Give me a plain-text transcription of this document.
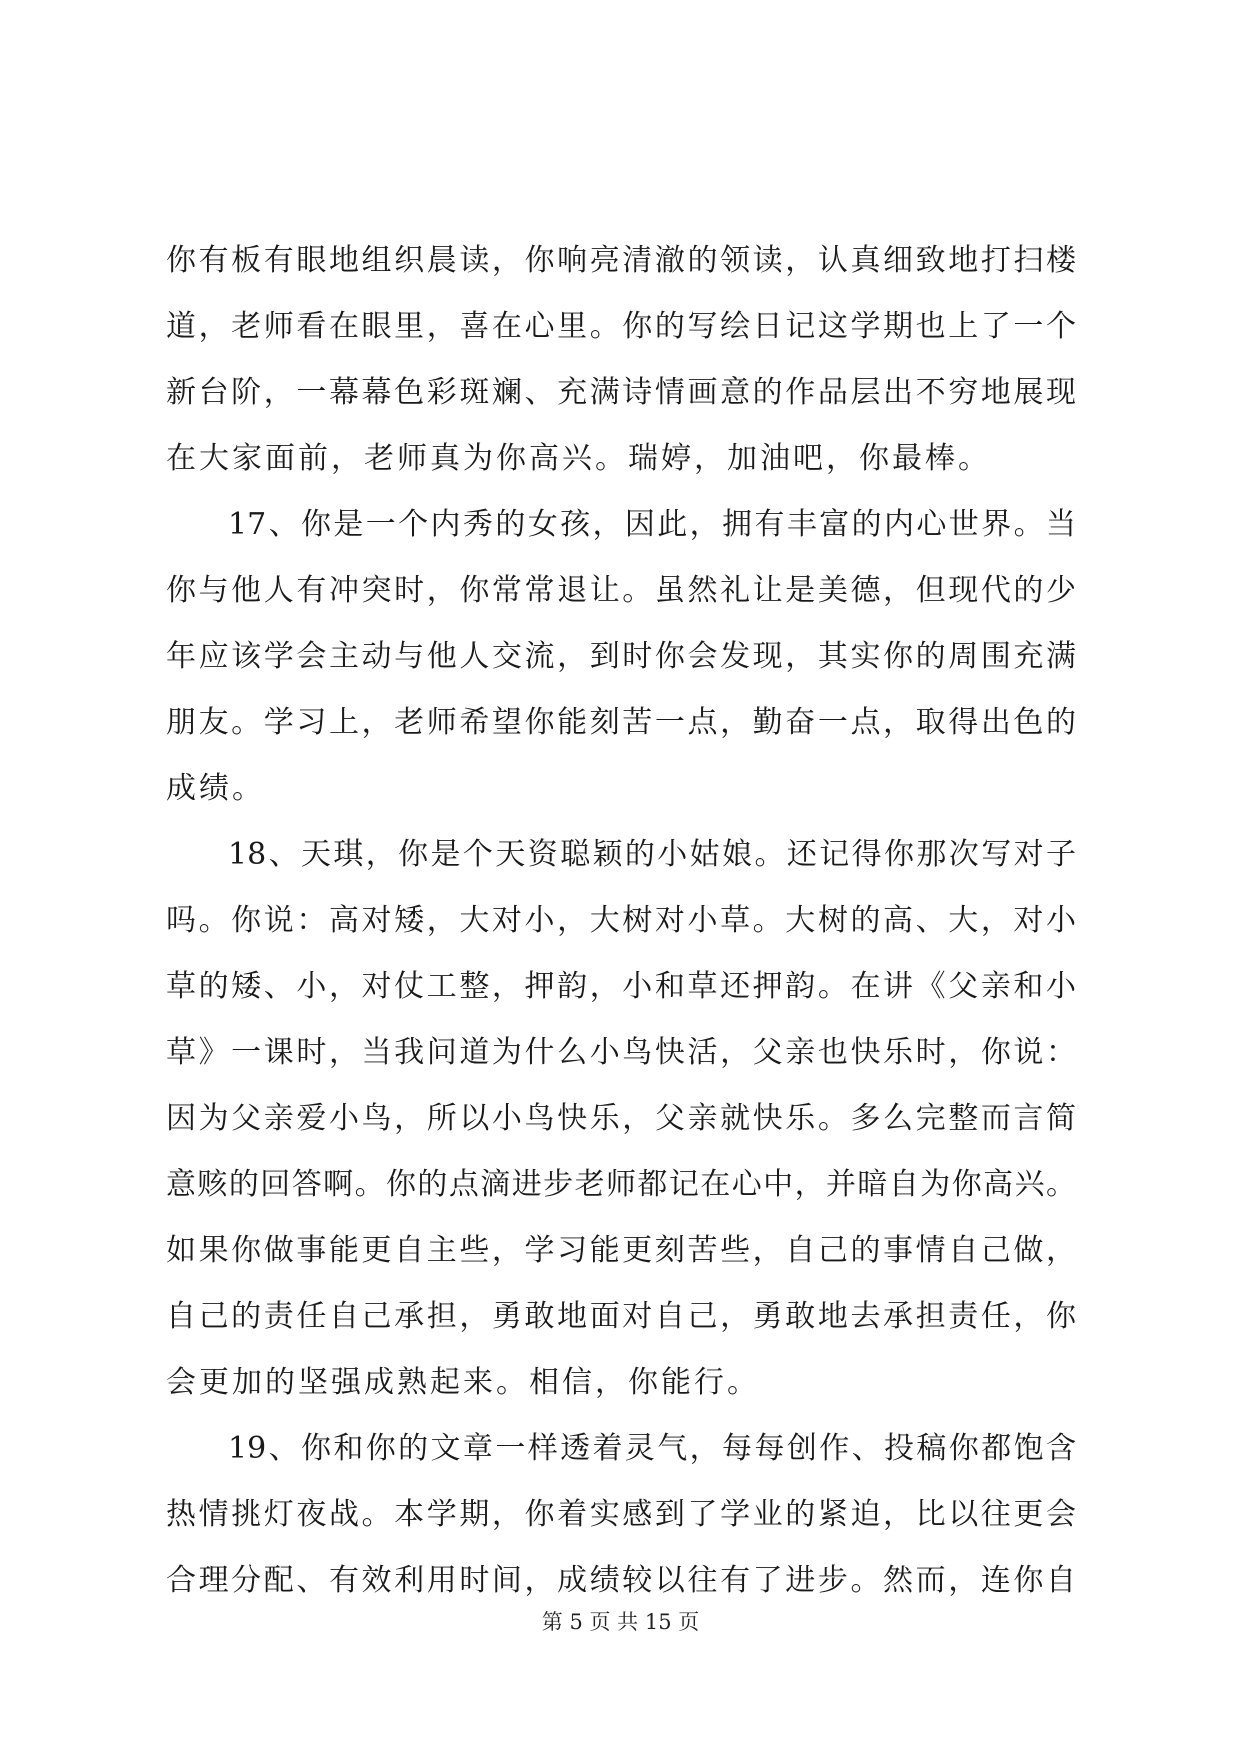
你有板有眼地组织晨读，你响亮清澈的领读，认真细致地打扫楼
道，老师看在眼里，喜在心里。你的写绘日记这学期也上了一个
新台阶，一幕幕色彩斑斓、充满诗情画意的作品层出不穷地展现
在大家面前，老师真为你高兴。瑞婷，加油吧，你最棒。
17、你是一个内秀的女孩，因此，拥有丰富的内心世界。当
你与他人有冲突时，你常常退让。虽然礼让是美德，但现代的少
年应该学会主动与他人交流，到时你会发现，其实你的周围充满
朋友。学习上，老师希望你能刻苦一点，勤奋一点，取得出色的
成绩。
18、天琪，你是个天资聪颖的小姑娘。还记得你那次写对子
吗。你说：高对矮，大对小，大树对小草。大树的高、大，对小
草的矮、小，对仗工整，押韵，小和草还押韵。在讲《父亲和小
草》一课时，当我问道为什么小鸟快活，父亲也快乐时，你说：
因为父亲爱小鸟，所以小鸟快乐，父亲就快乐。多么完整而言简
意赅的回答啊。你的点滴进步老师都记在心中，并暗自为你高兴。
如果你做事能更自主些，学习能更刻苦些，自己的事情自己做，
自己的责任自己承担，勇敢地面对自己，勇敢地去承担责任，你
会更加的坚强成熟起来。相信，你能行。
19、你和你的文章一样透着灵气，每每创作、投稿你都饱含
热情挑灯夜战。本学期，你着实感到了学业的紧迫，比以往更会
合理分配、有效利用时间，成绩较以往有了进步。然而，连你自
第 5 页 共 15 页
